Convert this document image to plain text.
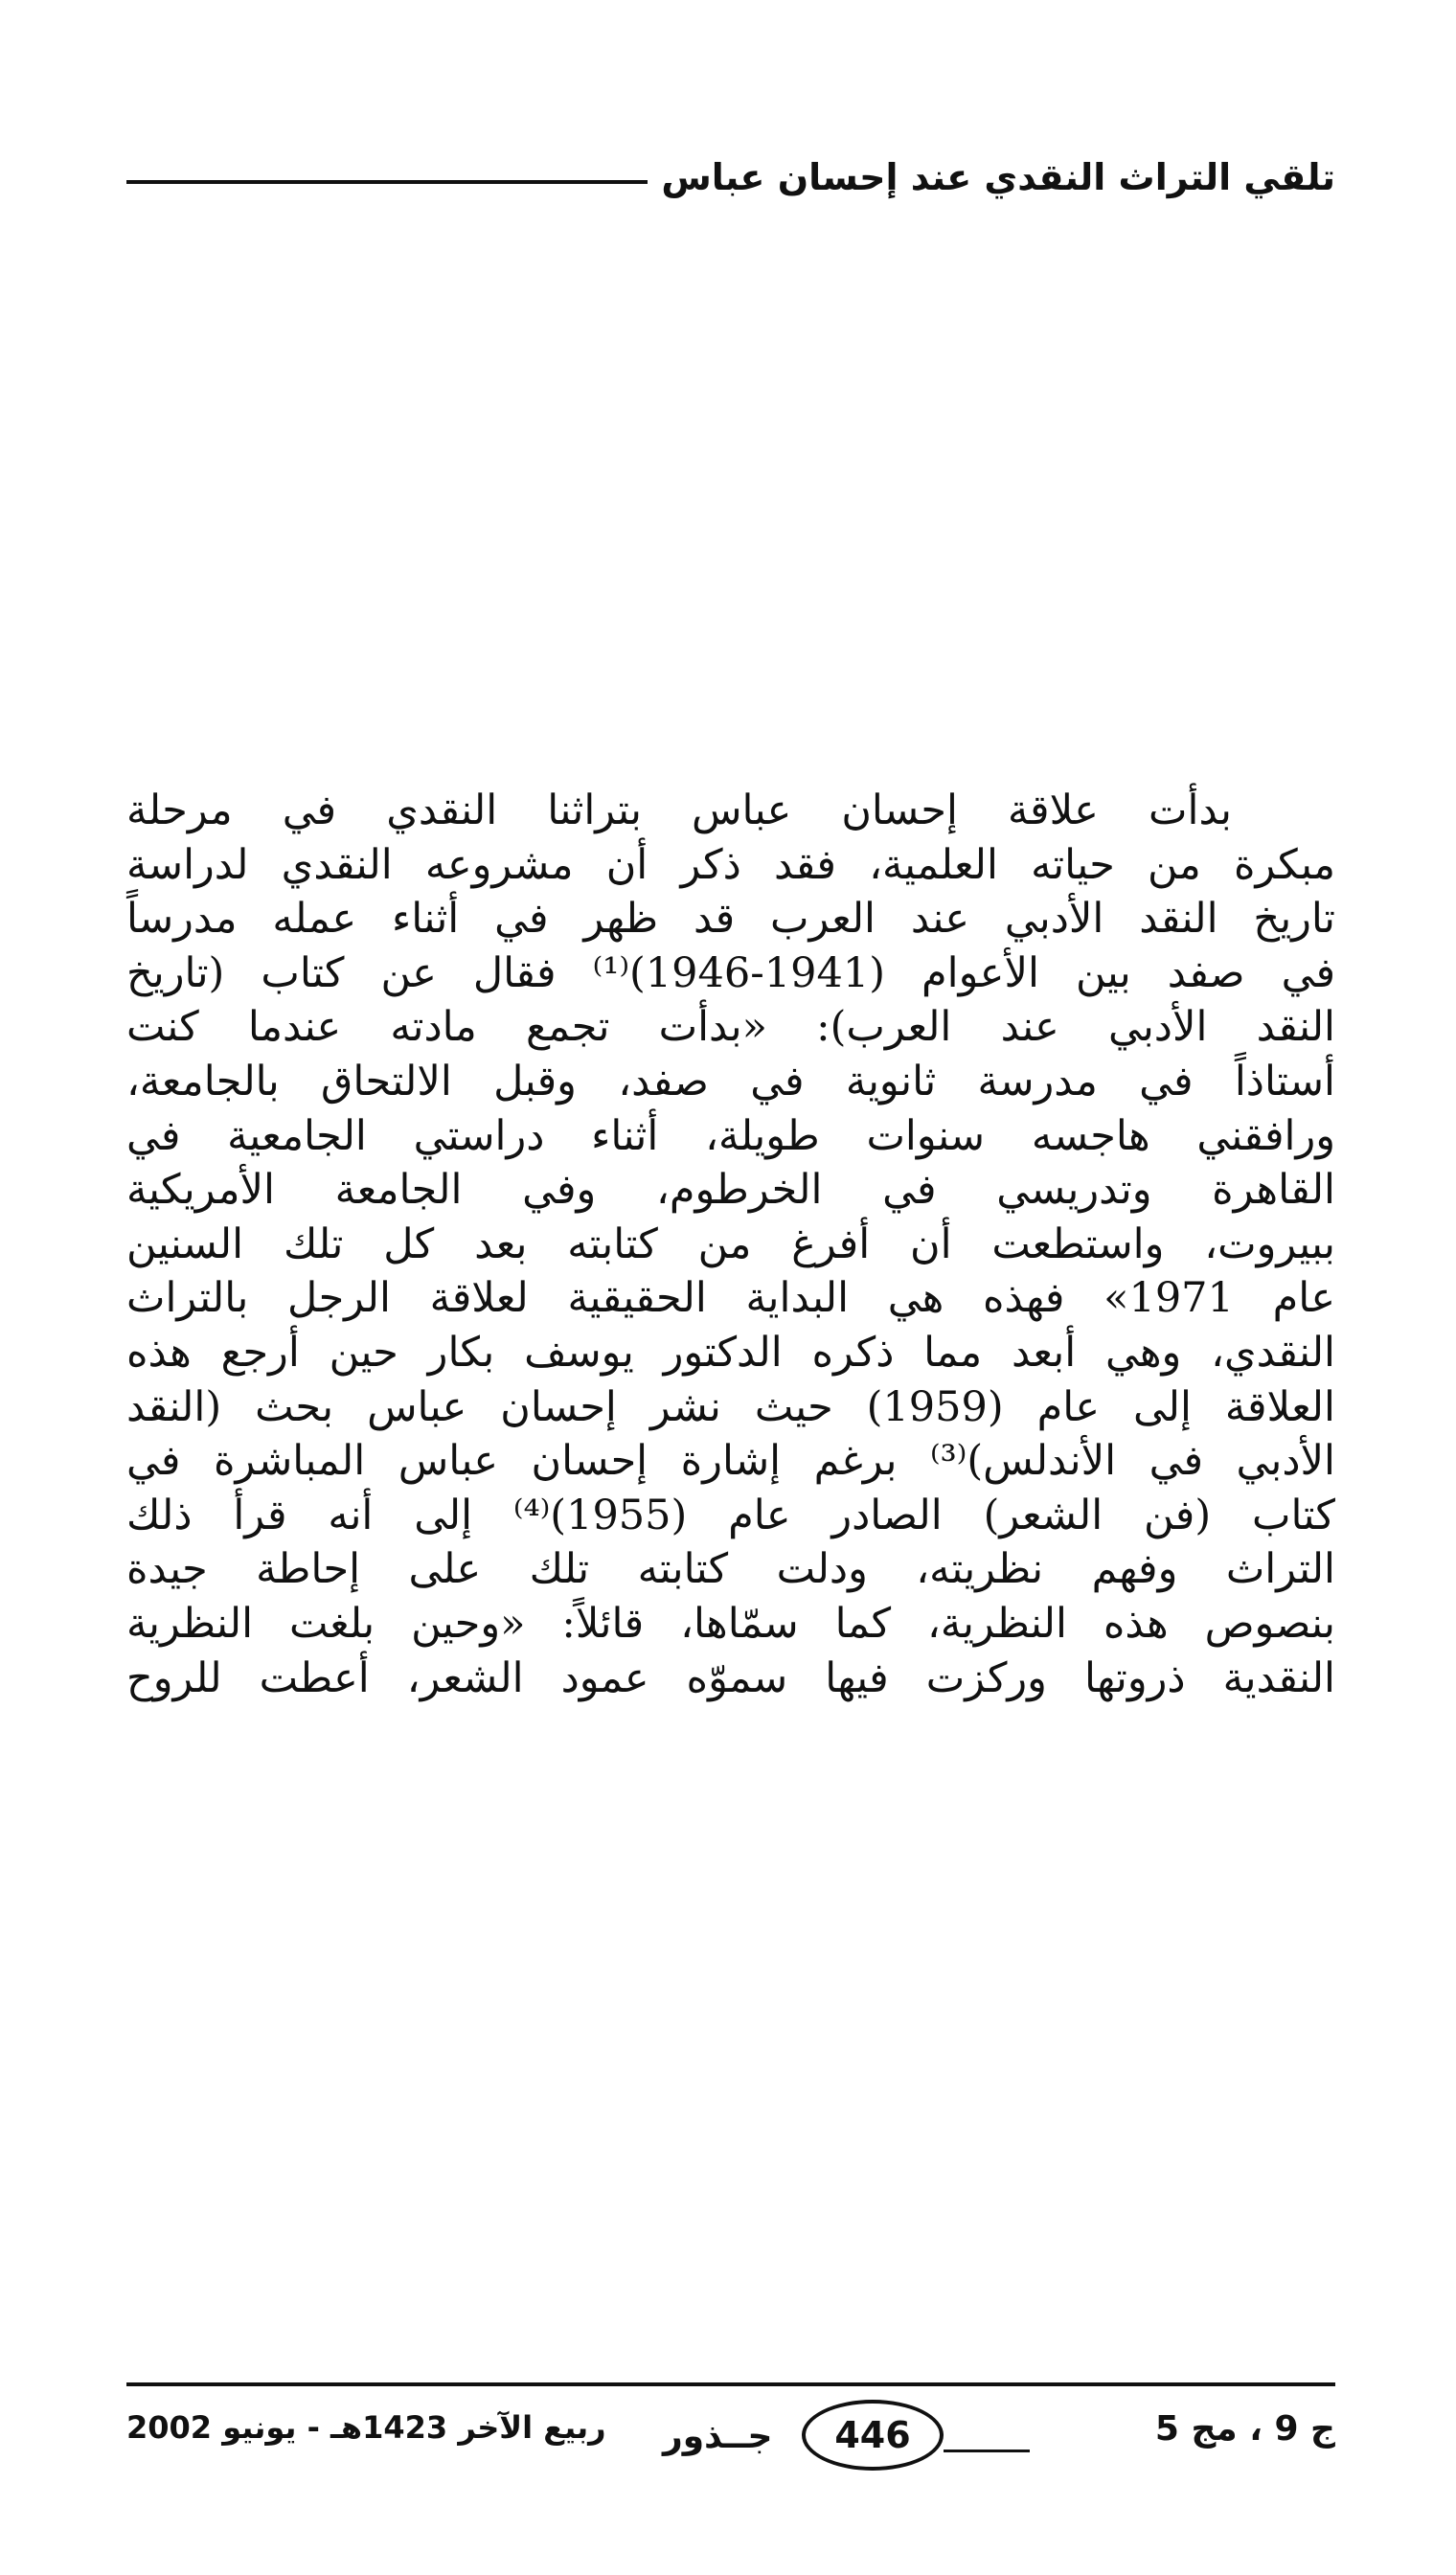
تلقي التراث النقدي عند إحسان عباس
بدأت علاقة إحسان عباس بتراثنا النقدي في مرحلة
مبكرة من حياته العلمية، فقد ذكر أن مشروعه النقدي لدراسة
تاريخ النقد الأدبي عند العرب قد ظهر في أثناء عمله مدرساً
في صفد بين الأعوام (1941-1946)⁽¹⁾ فقال عن كتاب (تاريخ
النقد الأدبي عند العرب): «بدأت تجمع مادته عندما كنت
أستاذاً في مدرسة ثانوية في صفد، وقبل الالتحاق بالجامعة،
ورافقني هاجسه سنوات طويلة، أثناء دراستي الجامعية في
القاهرة وتدريسي في الخرطوم، وفي الجامعة الأمريكية
ببيروت، واستطعت أن أفرغ من كتابته بعد كل تلك السنين
عام 1971» فهذه هي البداية الحقيقية لعلاقة الرجل بالتراث
النقدي، وهي أبعد مما ذكره الدكتور يوسف بكار حين أرجع هذه
العلاقة إلى عام (1959) حيث نشر إحسان عباس بحث (النقد
الأدبي في الأندلس)⁽³⁾ برغم إشارة إحسان عباس المباشرة في
كتاب (فن الشعر) الصادر عام (1955)⁽⁴⁾ إلى أنه قرأ ذلك
التراث وفهم نظريته، ودلت كتابته تلك على إحاطة جيدة
بنصوص هذه النظرية، كما سمّاها، قائلاً: «وحين بلغت النظرية
النقدية ذروتها وركزت فيها سموّه عمود الشعر، أعطت للروح
ج 9 ، مج 5
446
جــذور
ربيع الآخر 1423هـ - يونيو 2002
